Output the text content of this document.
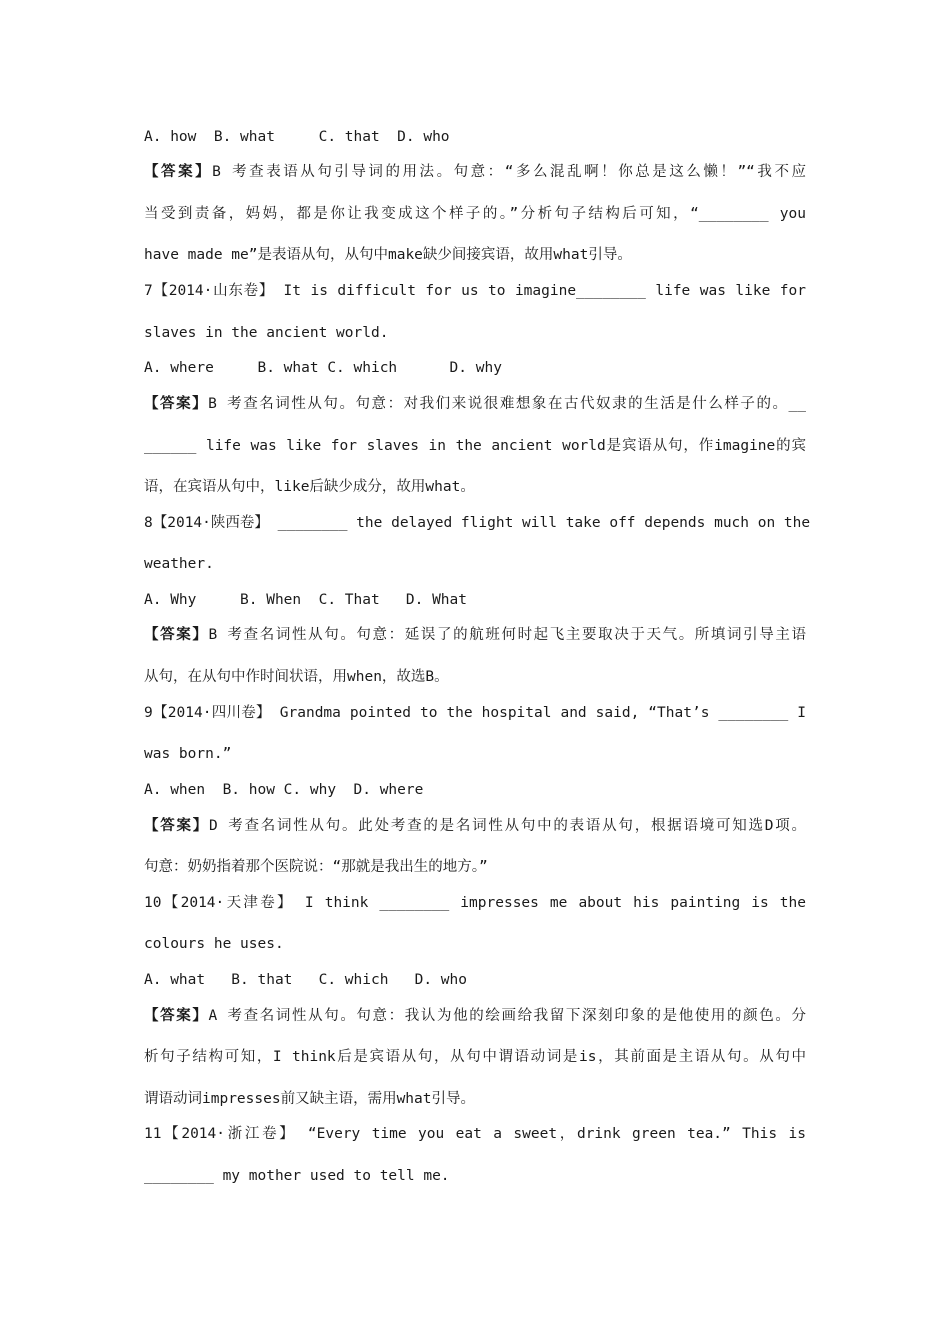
A. how  B. what     C. that  D. who
【答案】B 考查表语从句引导词的用法。句意：“多么混乱啊！你总是这么懒！”“我不应
当受到责备，妈妈，都是你让我变成这个样子的。”分析句子结构后可知，“________ you
have made me”是表语从句，从句中make缺少间接宾语，故用what引导。
7【2014·山东卷】 It is difficult for us to imagine________ life was like for
slaves in the ancient world.
A. where     B. what C. which      D. why
【答案】B 考查名词性从句。句意：对我们来说很难想象在古代奴隶的生活是什么样子的。__
______ life was like for slaves in the ancient world是宾语从句，作imagine的宾
语，在宾语从句中，like后缺少成分，故用what。
8【2014·陕西卷】 ________ the delayed flight will take off depends much on the
weather.
A. Why     B. When  C. That   D. What
【答案】B 考查名词性从句。句意：延误了的航班何时起飞主要取决于天气。所填词引导主语
从句，在从句中作时间状语，用when，故选B。
9【2014·四川卷】 Grandma pointed to the hospital and said, “That’s ________ I
was born.”
A. when  B. how C. why  D. where
【答案】D 考查名词性从句。此处考查的是名词性从句中的表语从句，根据语境可知选D项。
句意：奶奶指着那个医院说：“那就是我出生的地方。”
10【2014·天津卷】 I think ________ impresses me about his painting is the
colours he uses.
A. what   B. that   C. which   D. who
【答案】A 考查名词性从句。句意：我认为他的绘画给我留下深刻印象的是他使用的颜色。分
析句子结构可知，I think后是宾语从句，从句中谓语动词是is，其前面是主语从句。从句中
谓语动词impresses前又缺主语，需用what引导。
11【2014·浙江卷】 “Every time you eat a sweet，drink green tea.” This is
________ my mother used to tell me.
